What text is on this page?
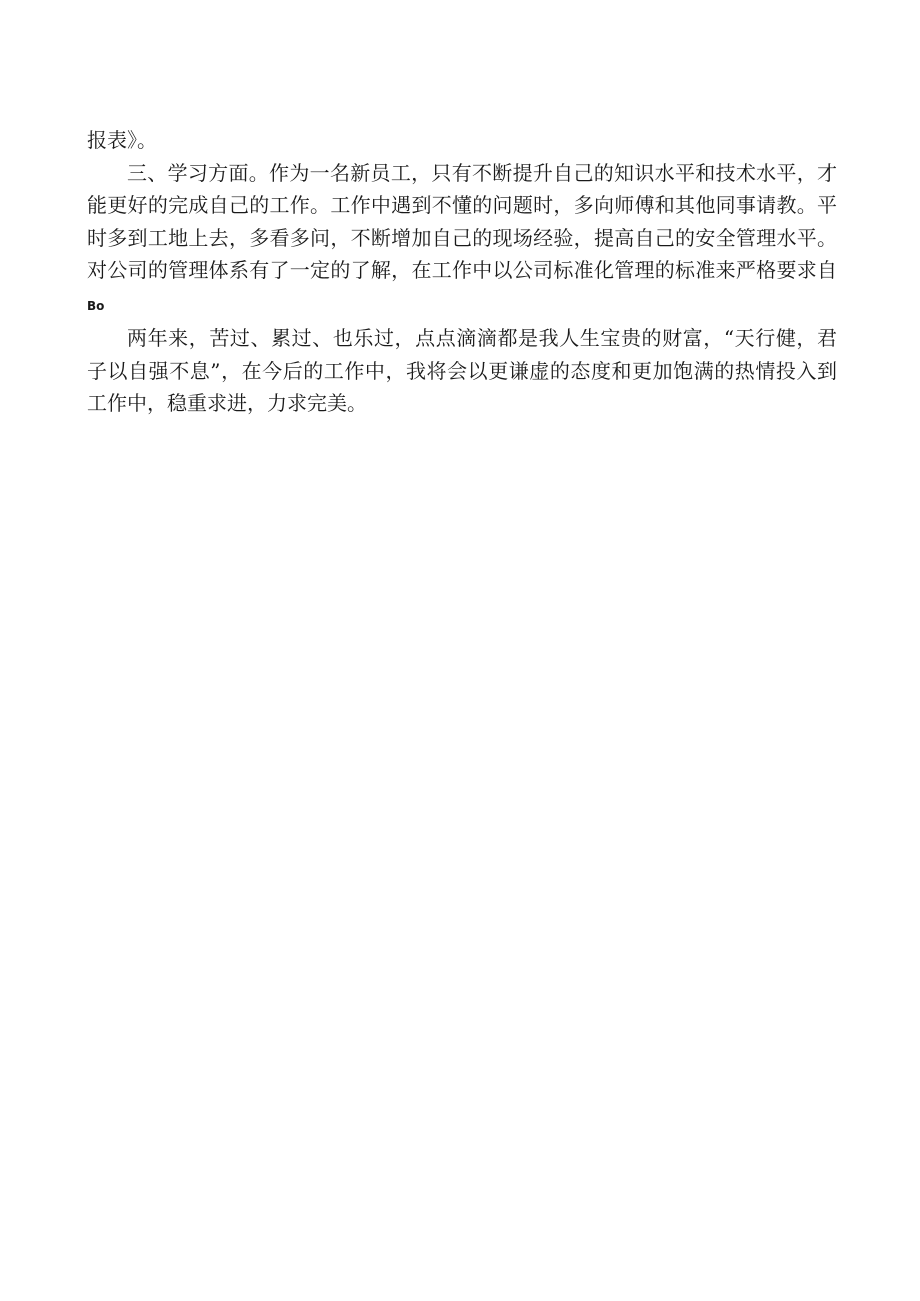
报表》。

三、学习方面。作为一名新员工，只有不断提升自己的知识水平和技术水平，才能更好的完成自己的工作。工作中遇到不懂的问题时，多向师傅和其他同事请教。平时多到工地上去，多看多问，不断增加自己的现场经验，提高自己的安全管理水平。对公司的管理体系有了一定的了解，在工作中以公司标准化管理的标准来严格要求自Bo

两年来，苦过、累过、也乐过，点点滴滴都是我人生宝贵的财富，“天行健，君子以自强不息”，在今后的工作中，我将会以更谦虚的态度和更加饱满的热情投入到工作中，稳重求进，力求完美。
